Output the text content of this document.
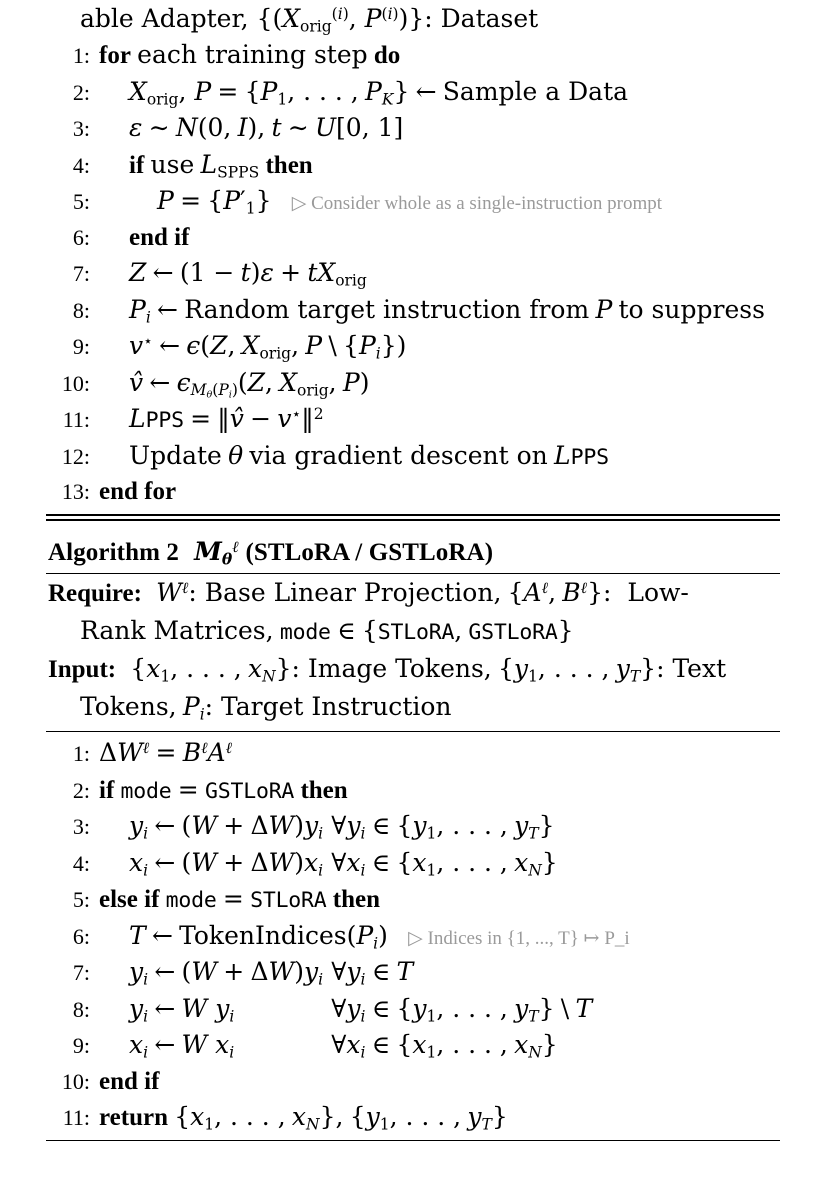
able Adapter, {($X_{orig}^{(i)}$, $P^{(i)}$)}: Dataset
1: for each training step do
2:	$X_{orig}$, $P = \{P_1$, . . . , $P_K$} ← Sample a Data
3:	ε ∼ N(0, I), t ∼ U[0, 1]
4:	if use $L_{SPPS}$ then
5:	$P = \{P'_1\}$ ▷ Consider whole as a single-instruction prompt
6:	end if
7:	Z ← $(1 - t)\varepsilon + tX_{orig}$
8:	$P_i$ ← Random target instruction from P to suppress
9:	v⋆ ← ϵ(Z, $X_{orig}$, P \ $\{P_i\}$)
10:	v̂ ← $\epsilon_{M_\theta(P_i)}(Z$, $X_{orig}$, P)
11:	LPPS = ‖v̂ − v⋆‖$^2$
12:	Update θ via gradient descent on LPPS
13: end for
Algorithm 2  $M_\theta^\ell$ (STLoRA / GSTLoRA)
Require:  $W^\ell$: Base Linear Projection, {$A^\ell$, $B^\ell$}:  Low-
Rank Matrices, mode ∈ {STLoRA, GSTLoRA}
Input:  {$x_1$, . . . , $x_N$}: Image Tokens, {$y_1$, . . . , $y_T$}: Text
Tokens, $P_i$: Target Instruction
1: $\Delta W^\ell = B^\ell A^\ell$
2: if mode = GSTLoRA then
3:	$y_i$ ← $(W + \Delta W)y_i$ $\forall y_i$ ∈ {$y_1$, . . . , $y_T$}
4:	$x_i$ ← $(W + \Delta W)x_i$ $\forall x_i$ ∈ {$x_1$, . . . , $x_N$}
5: else if mode = STLoRA then
6:	T ← $TokenIndices(P_i)$ ▷ Indices in {1, ..., T} ↦ P_i
7:	$y_i$ ← $(W + \Delta W)y_i$ $\forall y_i$ ∈ T
8:	$y_i$ ← W $y_i$	$\forall y_i$ ∈ {$y_1$, . . . , $y_T$} \ T
9:	$x_i$ ← W $x_i$	$\forall x_i$ ∈ {$x_1$, . . . , $x_N$}
10: end if
11: return {$x_1$, . . . , $x_N$}, {$y_1$, . . . , $y_T$}
